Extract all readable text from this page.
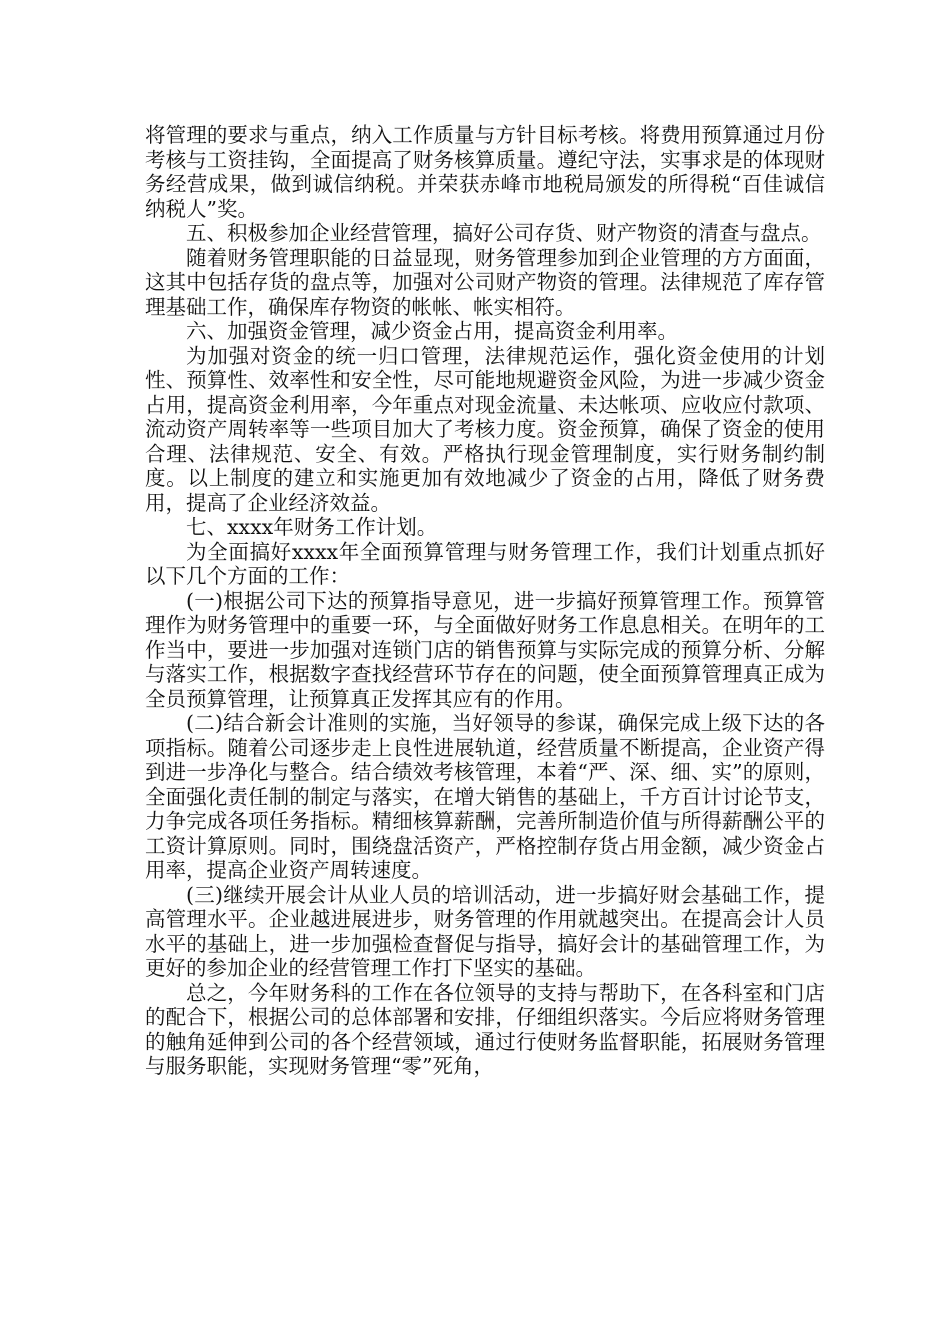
将管理的要求与重点，纳入工作质量与方针目标考核。将费用预算通过月份考核与工资挂钩，全面提高了财务核算质量。遵纪守法，实事求是的体现财务经营成果，做到诚信纳税。并荣获赤峰市地税局颁发的所得税“百佳诚信纳税人”奖。

五、积极参加企业经营管理，搞好公司存货、财产物资的清查与盘点。

随着财务管理职能的日益显现，财务管理参加到企业管理的方方面面，这其中包括存货的盘点等，加强对公司财产物资的管理。法律规范了库存管理基础工作，确保库存物资的帐帐、帐实相符。

六、加强资金管理，减少资金占用，提高资金利用率。

为加强对资金的统一归口管理，法律规范运作，强化资金使用的计划性、预算性、效率性和安全性，尽可能地规避资金风险，为进一步减少资金占用，提高资金利用率，今年重点对现金流量、未达帐项、应收应付款项、流动资产周转率等一些项目加大了考核力度。资金预算，确保了资金的使用合理、法律规范、安全、有效。严格执行现金管理制度，实行财务制约制度。以上制度的建立和实施更加有效地减少了资金的占用，降低了财务费用，提高了企业经济效益。

七、xxxx年财务工作计划。

为全面搞好xxxx年全面预算管理与财务管理工作，我们计划重点抓好以下几个方面的工作：

(一)根据公司下达的预算指导意见，进一步搞好预算管理工作。预算管理作为财务管理中的重要一环，与全面做好财务工作息息相关。在明年的工作当中，要进一步加强对连锁门店的销售预算与实际完成的预算分析、分解与落实工作，根据数字查找经营环节存在的问题，使全面预算管理真正成为全员预算管理，让预算真正发挥其应有的作用。

(二)结合新会计准则的实施，当好领导的参谋，确保完成上级下达的各项指标。随着公司逐步走上良性进展轨道，经营质量不断提高，企业资产得到进一步净化与整合。结合绩效考核管理，本着“严、深、细、实”的原则，全面强化责任制的制定与落实，在增大销售的基础上，千方百计讨论节支，力争完成各项任务指标。精细核算薪酬，完善所制造价值与所得薪酬公平的工资计算原则。同时，围绕盘活资产，严格控制存货占用金额，减少资金占用率，提高企业资产周转速度。

(三)继续开展会计从业人员的培训活动，进一步搞好财会基础工作，提高管理水平。企业越进展进步，财务管理的作用就越突出。在提高会计人员水平的基础上，进一步加强检查督促与指导，搞好会计的基础管理工作，为更好的参加企业的经营管理工作打下坚实的基础。

总之，今年财务科的工作在各位领导的支持与帮助下，在各科室和门店的配合下，根据公司的总体部署和安排，仔细组织落实。今后应将财务管理的触角延伸到公司的各个经营领域，通过行使财务监督职能，拓展财务管理与服务职能，实现财务管理“零”死角，
